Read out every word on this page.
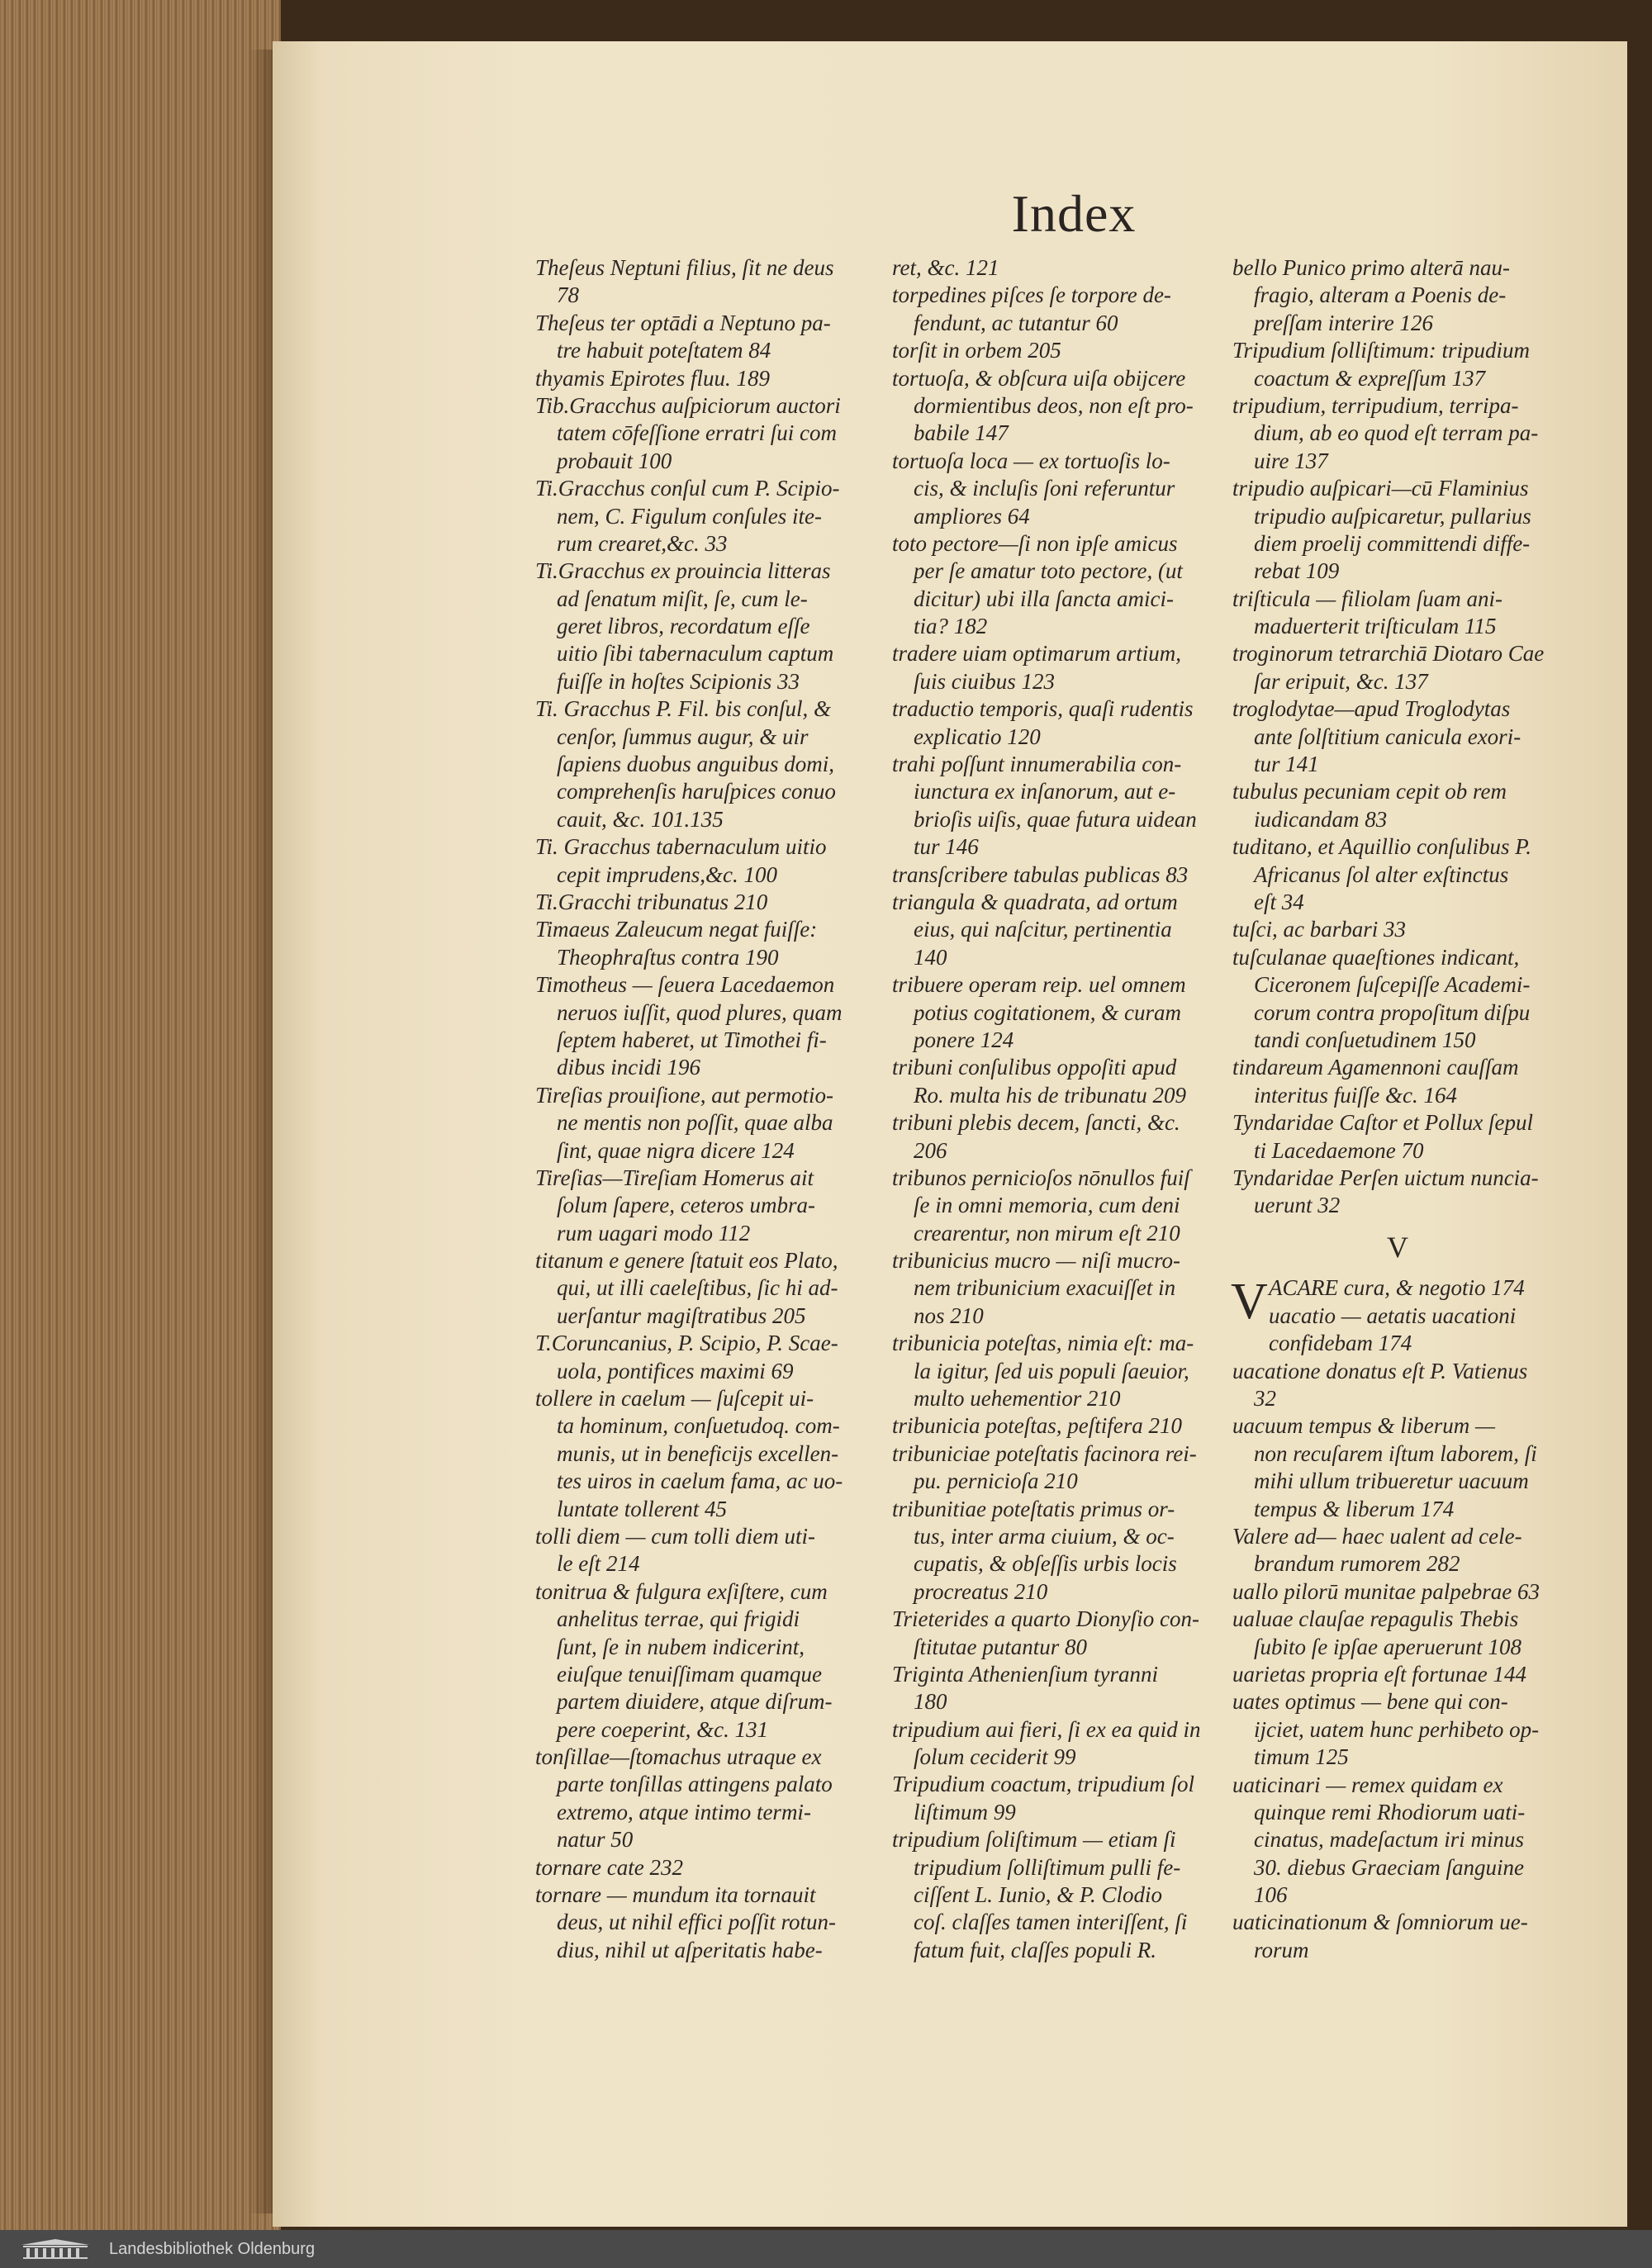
Index
Theſeus Neptuni filius, ſit ne deus
78
Theſeus ter optādi a Neptuno pa-
tre habuit poteſtatem 84
thyamis Epirotes fluu. 189
Tib.Gracchus auſpiciorum auctori
tatem cōfeſſione erratri ſui com
probauit 100
Ti.Gracchus conſul cum P. Scipio-
nem, C. Figulum conſules ite-
rum crearet,&c. 33
Ti.Gracchus ex prouincia litteras
ad ſenatum miſit, ſe, cum le-
geret libros, recordatum eſſe
uitio ſibi tabernaculum captum
fuiſſe in hoſtes Scipionis 33
Ti. Gracchus P. Fil. bis conſul, &
cenſor, ſummus augur, & uir
ſapiens duobus anguibus domi,
comprehenſis haruſpices conuo
cauit, &c. 101.135
Ti. Gracchus tabernaculum uitio
cepit imprudens,&c. 100
Ti.Gracchi tribunatus 210
Timaeus Zaleucum negat fuiſſe:
Theophraſtus contra 190
Timotheus — ſeuera Lacedaemon
neruos iuſſit, quod plures, quam
ſeptem haberet, ut Timothei fi-
dibus incidi 196
Tireſias prouiſione, aut permotio-
ne mentis non poſſit, quae alba
ſint, quae nigra dicere 124
Tireſias—Tireſiam Homerus ait
ſolum ſapere, ceteros umbra-
rum uagari modo 112
titanum e genere ſtatuit eos Plato,
qui, ut illi caeleſtibus, ſic hi ad-
uerſantur magiſtratibus 205
T.Coruncanius, P. Scipio, P. Scae-
uola, pontifices maximi 69
tollere in caelum — ſuſcepit ui-
ta hominum, conſuetudoq. com-
munis, ut in beneficijs excellen-
tes uiros in caelum fama, ac uo-
luntate tollerent 45
tolli diem — cum tolli diem uti-
le eſt 214
tonitrua & fulgura exſiſtere, cum
anhelitus terrae, qui frigidi
ſunt, ſe in nubem indicerint,
eiuſque tenuiſſimam quamque
partem diuidere, atque diſrum-
pere coeperint, &c. 131
tonſillae—ſtomachus utraque ex
parte tonſillas attingens palato
extremo, atque intimo termi-
natur 50
tornare cate 232
tornare — mundum ita tornauit
deus, ut nihil effici poſſit rotun-
dius, nihil ut aſperitatis habe-
ret, &c. 121
torpedines piſces ſe torpore de-
fendunt, ac tutantur 60
torſit in orbem 205
tortuoſa, & obſcura uiſa obijcere
dormientibus deos, non eſt pro-
babile 147
tortuoſa loca — ex tortuoſis lo-
cis, & incluſis ſoni referuntur
ampliores 64
toto pectore—ſi non ipſe amicus
per ſe amatur toto pectore, (ut
dicitur) ubi illa ſancta amici-
tia? 182
tradere uiam optimarum artium,
ſuis ciuibus 123
traductio temporis, quaſi rudentis
explicatio 120
trahi poſſunt innumerabilia con-
iunctura ex inſanorum, aut e-
brioſis uiſis, quae futura uidean
tur 146
transſcribere tabulas publicas 83
triangula & quadrata, ad ortum
eius, qui naſcitur, pertinentia
140
tribuere operam reip. uel omnem
potius cogitationem, & curam
ponere 124
tribuni conſulibus oppoſiti apud
Ro. multa his de tribunatu 209
tribuni plebis decem, ſancti, &c.
206
tribunos pernicioſos nōnullos fuiſ
ſe in omni memoria, cum deni
crearentur, non mirum eſt 210
tribunicius mucro — niſi mucro-
nem tribunicium exacuiſſet in
nos 210
tribunicia poteſtas, nimia eſt: ma-
la igitur, ſed uis populi ſaeuior,
multo uehementior 210
tribunicia poteſtas, peſtifera 210
tribuniciae poteſtatis facinora rei-
pu. pernicioſa 210
tribunitiae poteſtatis primus or-
tus, inter arma ciuium, & oc-
cupatis, & obſeſſis urbis locis
procreatus 210
Trieterides a quarto Dionyſio con-
ſtitutae putantur 80
Triginta Athenienſium tyranni
180
tripudium aui fieri, ſi ex ea quid in
ſolum ceciderit 99
Tripudium coactum, tripudium ſol
liſtimum 99
tripudium ſoliſtimum — etiam ſi
tripudium ſolliſtimum pulli fe-
ciſſent L. Iunio, & P. Clodio
coſ. claſſes tamen interiſſent, ſi
fatum fuit, claſſes populi R.
bello Punico primo alterā nau-
fragio, alteram a Poenis de-
preſſam interire 126
Tripudium ſolliſtimum: tripudium
coactum & expreſſum 137
tripudium, terripudium, terripa-
dium, ab eo quod eſt terram pa-
uire 137
tripudio auſpicari—cū Flaminius
tripudio auſpicaretur, pullarius
diem proelij committendi diffe-
rebat 109
triſticula — filiolam ſuam ani-
maduerterit triſticulam 115
troginorum tetrarchiā Diotaro Cae
ſar eripuit, &c. 137
troglodytae—apud Troglodytas
ante ſolſtitium canicula exori-
tur 141
tubulus pecuniam cepit ob rem
iudicandam 83
tuditano, et Aquillio conſulibus P.
Africanus ſol alter exſtinctus
eſt 34
tuſci, ac barbari 33
tuſculanae quaeſtiones indicant,
Ciceronem ſuſcepiſſe Academi-
corum contra propoſitum diſpu
tandi conſuetudinem 150
tindareum Agamennoni cauſſam
interitus fuiſſe &c. 164
Tyndaridae Caſtor et Pollux ſepul
ti Lacedaemone 70
Tyndaridae Perſen uictum nuncia-
uerunt 32
V
V ACARE cura, & negotio 174
uacatio — aetatis uacationi
confidebam 174
uacatione donatus eſt P. Vatienus
32
uacuum tempus & liberum —
non recuſarem iſtum laborem, ſi
mihi ullum tribueretur uacuum
tempus & liberum 174
Valere ad— haec ualent ad cele-
brandum rumorem 282
uallo pilorū munitae palpebrae 63
ualuae clauſae repagulis Thebis
ſubito ſe ipſae aperuerunt 108
uarietas propria eſt fortunae 144
uates optimus — bene qui con-
ijciet, uatem hunc perhibeto op-
timum 125
uaticinari — remex quidam ex
quinque remi Rhodiorum uati-
cinatus, madeſactum iri minus
30. diebus Graeciam ſanguine
106
uaticinationum & ſomniorum ue-
rorum
Landesbibliothek Oldenburg
